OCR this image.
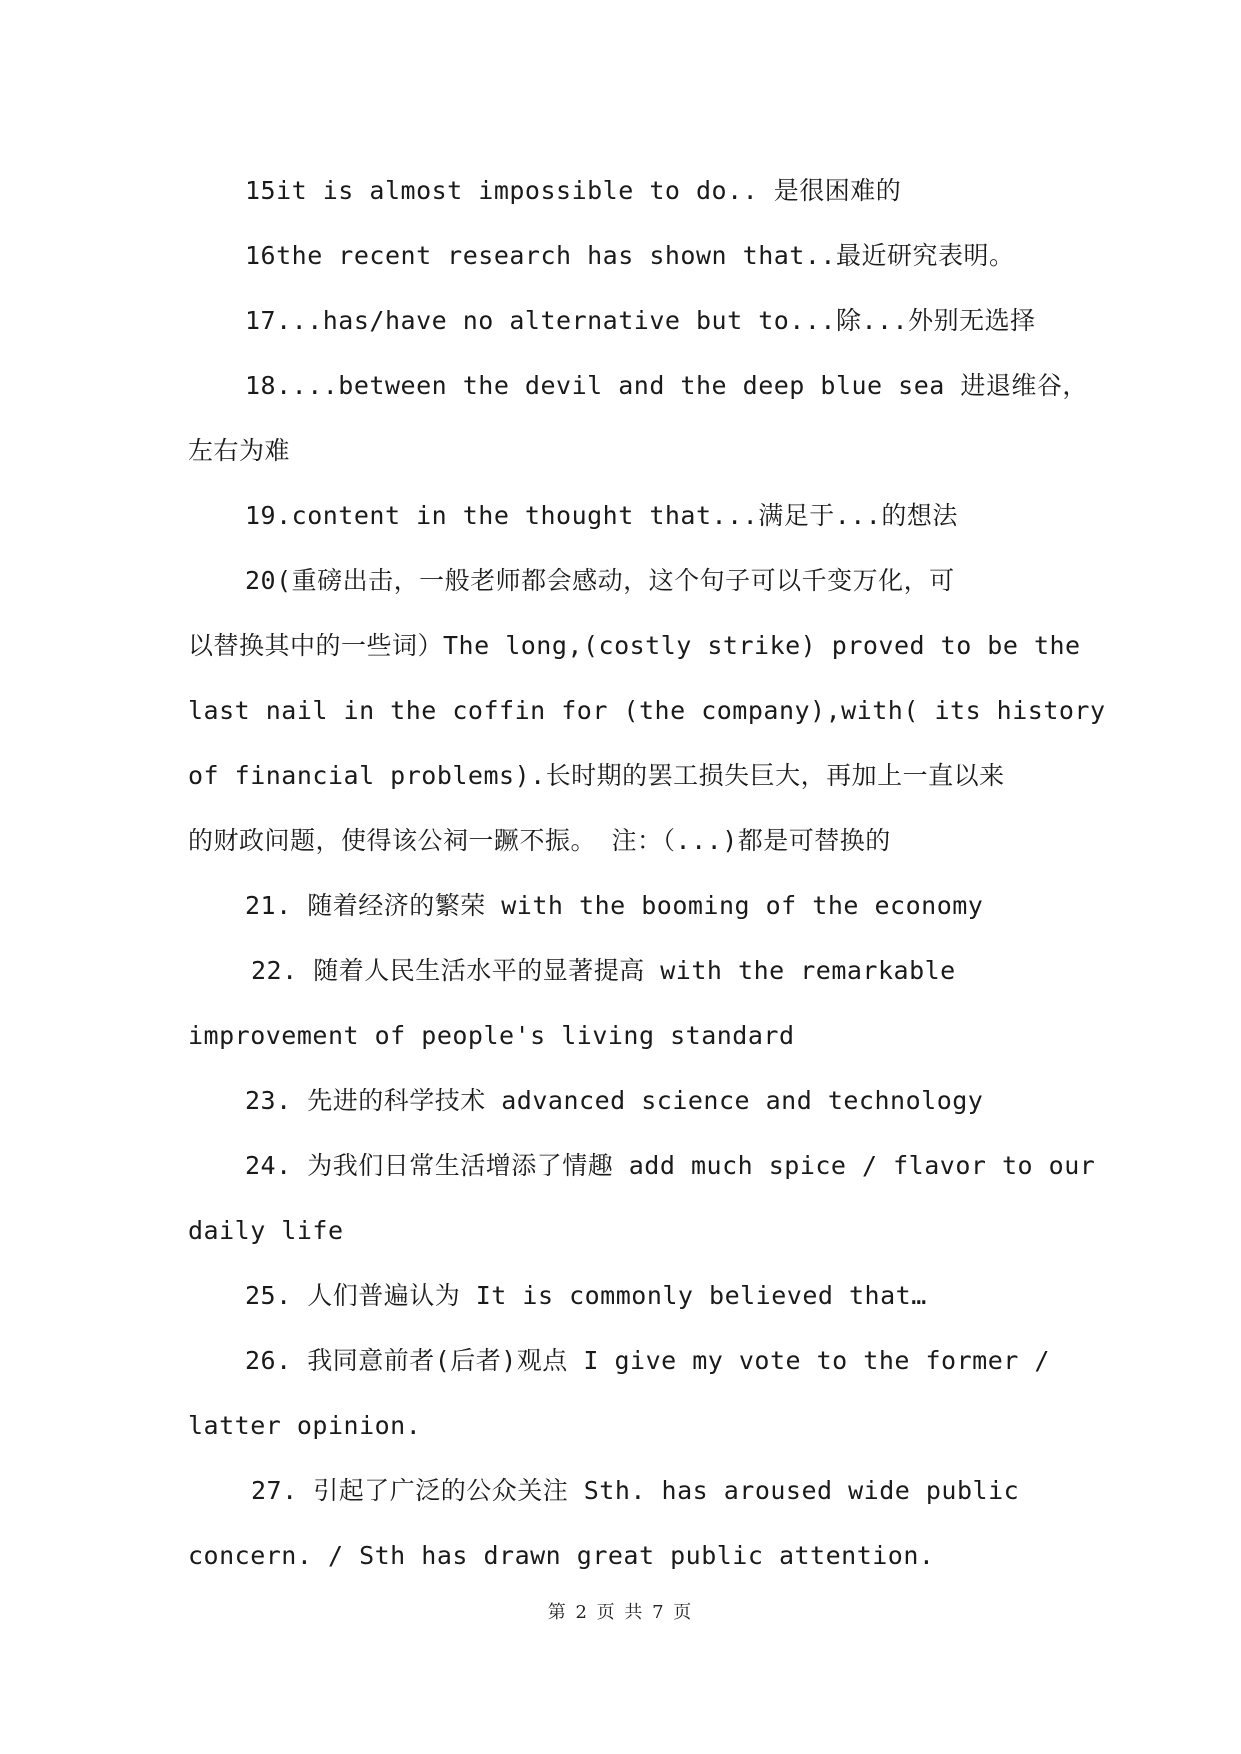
15it is almost impossible to do.. 是很困难的
16the recent research has shown that..最近研究表明。
17...has/have no alternative but to...除...外别无选择
18....between the devil and the deep blue sea 进退维谷，
左右为难
19.content in the thought that...满足于...的想法
20(重磅出击，一般老师都会感动，这个句子可以千变万化，可
以替换其中的一些词）The long,(costly strike) proved to be the
last nail in the coffin for (the company),with( its history
of financial problems).长时期的罢工损失巨大，再加上一直以来
的财政问题，使得该公祠一蹶不振。 注：（...)都是可替换的
21. 随着经济的繁荣 with the booming of the economy
22. 随着人民生活水平的显著提高 with the remarkable
improvement of people's living standard
23. 先进的科学技术 advanced science and technology
24. 为我们日常生活增添了情趣 add much spice / flavor to our
daily life
25. 人们普遍认为 It is commonly believed that…
26. 我同意前者(后者)观点 I give my vote to the former /
latter opinion.
27. 引起了广泛的公众关注 Sth. has aroused wide public
concern. / Sth has drawn great public attention.
第 2 页 共 7 页
